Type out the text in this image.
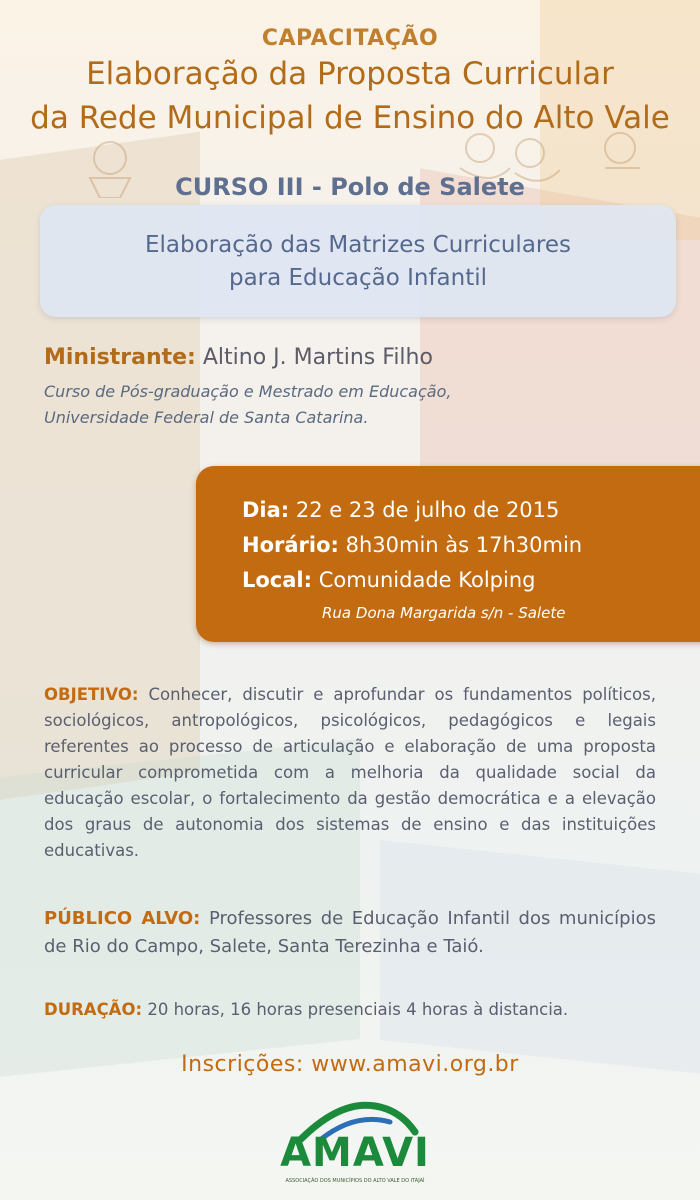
CAPACITAÇÃO
Elaboração da Proposta Curricular
da Rede Municipal de Ensino do Alto Vale
CURSO III - Polo de Salete
Elaboração das Matrizes Curriculares
para Educação Infantil
Ministrante: Altino J. Martins Filho
Curso de Pós-graduação e Mestrado em Educação,
Universidade Federal de Santa Catarina.
Dia: 22 e 23 de julho de 2015
Horário: 8h30min às 17h30min
Local: Comunidade Kolping
Rua Dona Margarida s/n - Salete
OBJETIVO: Conhecer, discutir e aprofundar os fundamentos políticos, sociológicos, antropológicos, psicológicos, pedagógicos e legais referentes ao processo de articulação e elaboração de uma proposta curricular comprometida com a melhoria da qualidade social da educação escolar, o fortalecimento da gestão democrática e a elevação dos graus de autonomia dos sistemas de ensino e das instituições educativas.
PÚBLICO ALVO: Professores de Educação Infantil dos municípios de Rio do Campo, Salete, Santa Terezinha e Taió.
DURAÇÃO: 20 horas, 16 horas presenciais 4 horas à distancia.
Inscrições: www.amavi.org.br
AMAVI
ASSOCIAÇÃO DOS MUNICÍPIOS DO ALTO VALE DO ITAJAÍ
